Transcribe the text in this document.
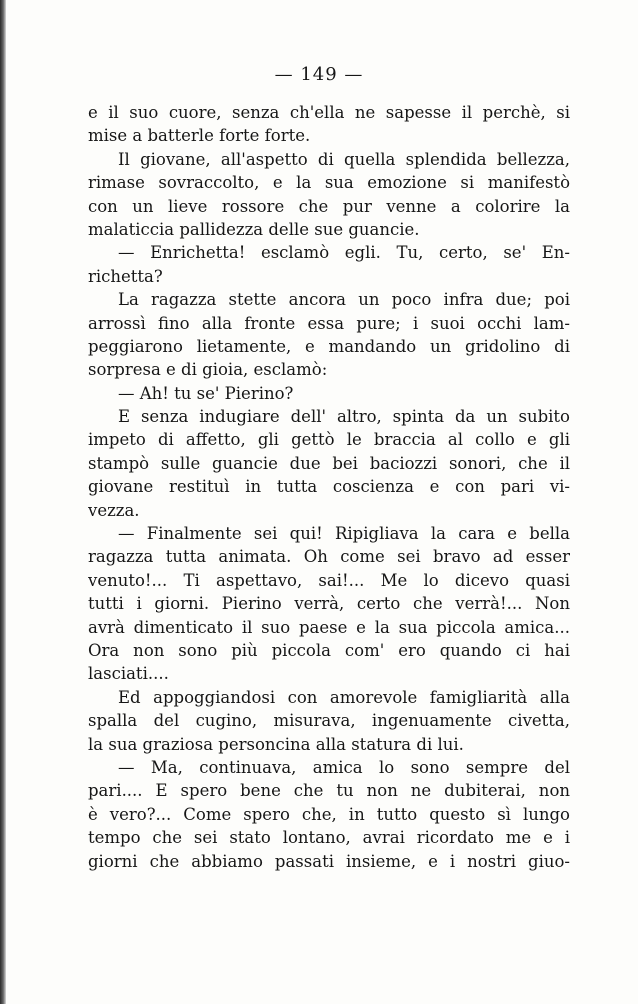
— 149 —
e il suo cuore, senza ch'ella ne sapesse il perchè, si
mise a batterle forte forte.
Il giovane, all'aspetto di quella splendida bellezza,
rimase sovraccolto, e la sua emozione si manifestò
con un lieve rossore che pur venne a colorire la
malaticcia pallidezza delle sue guancie.
— Enrichetta! esclamò egli. Tu, certo, se' En-
richetta?
La ragazza stette ancora un poco infra due; poi
arrossì fino alla fronte essa pure; i suoi occhi lam-
peggiarono lietamente, e mandando un gridolino di
sorpresa e di gioia, esclamò:
— Ah! tu se' Pierino?
E senza indugiare dell' altro, spinta da un subito
impeto di affetto, gli gettò le braccia al collo e gli
stampò sulle guancie due bei baciozzi sonori, che il
giovane restituì in tutta coscienza e con pari vi-
vezza.
— Finalmente sei qui! Ripigliava la cara e bella
ragazza tutta animata. Oh come sei bravo ad esser
venuto!... Ti aspettavo, sai!... Me lo dicevo quasi
tutti i giorni. Pierino verrà, certo che verrà!... Non
avrà dimenticato il suo paese e la sua piccola amica...
Ora non sono più piccola com' ero quando ci hai
lasciati....
Ed appoggiandosi con amorevole famigliarità alla
spalla del cugino, misurava, ingenuamente civetta,
la sua graziosa personcina alla statura di lui.
— Ma, continuava, amica lo sono sempre del
pari.... E spero bene che tu non ne dubiterai, non
è vero?... Come spero che, in tutto questo sì lungo
tempo che sei stato lontano, avrai ricordato me e i
giorni che abbiamo passati insieme, e i nostri giuo-
